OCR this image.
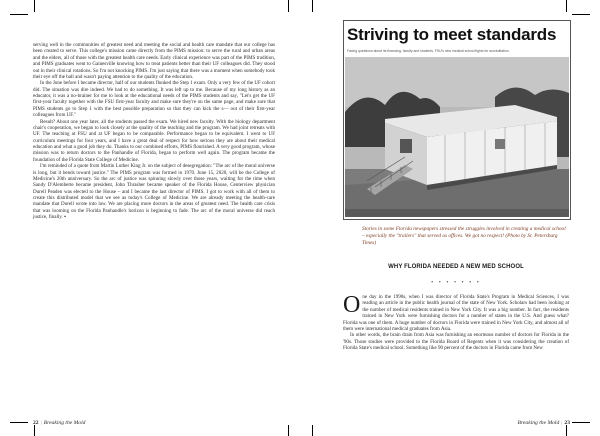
serving well in the communities of greatest need and meeting the social and health care mandate that our college has been created to serve. This college's mission came directly from the PIMS mission: to serve the rural and urban areas and the elders, all of those with the greatest health care needs. Early clinical experience was part of the PIMS tradition, and PIMS graduates went to Gainesville knowing how to treat patients better than their UF colleagues did. They stood out in their clinical rotations. So I'm not knocking PIMS. I'm just saying that there was a moment when somebody took their eye off the ball and wasn't paying attention to the quality of the education.

In the June before I became director, half of our students flunked the Step 1 exam. Only a very few of the UF cohort did. The situation was dire indeed. We had to do something. It was left up to me. Because of my long history as an educator, it was a no-brainer for me to look at the educational needs of the PIMS students and say, "Let's get the UF first-year faculty together with the FSU first-year faculty and make sure they're on the same page, and make sure that PIMS students go to Step 1 with the best possible preparation so that they can kick the s— out of their first-year colleagues from UF."

Result? About one year later, all the students passed the exam. We hired new faculty. With the biology department chair's cooperation, we began to look closely at the quality of the teaching and the program. We had joint retreats with UF. The teaching at FSU and at UF began to be comparable. Performance began to be equivalent. I went to UF curriculum meetings for four years, and I have a great deal of respect for how serious they are about their medical education and what a good job they do. Thanks to our combined efforts, PIMS flourished. A very good program, whose mission was to return doctors to the Panhandle of Florida, began to perform well again. The program became the foundation of the Florida State College of Medicine.

I'm reminded of a quote from Martin Luther King Jr. on the subject of desegregation: "The arc of the moral universe is long, but it bends toward justice." The PIMS program was formed in 1970. June 15, 2020, will be the College of Medicine's 20th anniversary. So the arc of justice was spinning slowly over those years, waiting for the time when Sandy D'Alemberte became president, John Thrasher became speaker of the Florida House, Centerview physician Durell Peaden was elected to the House – and I became the last director of PIMS. I got to work with all of them to create this distributed model that we see as today's College of Medicine. We are already meeting the health-care mandate that Durell wrote into law. We are placing more doctors in the areas of greatest need. The health care crisis that was looming on the Florida Panhandle's horizon is beginning to fade. The arc of the moral universe did reach justice, finally. ▪

22 | Breaking the Mold
Striving to meet standards
Facing questions about its financing, faculty and students, FSU's new medical school fights for accreditation.
Stories in some Florida newspapers stressed the struggles involved in creating a medical school – especially the "trailers" that served as offices. We got no respect! (Photo by St. Petersburg Times)
WHY FLORIDA NEEDED A NEW MED SCHOOL
• • • • • • •

One day in the 1990s, when I was director of Florida State's Program in Medical Sciences, I was reading an article in the public health journal of the state of New York. Scholars had been looking at the number of medical residents trained in New York City. It was a big number. In fact, the residents trained in New York were furnishing doctors for a number of states in the U.S. And guess what? Florida was one of them. A huge number of doctors in Florida were trained in New York City, and almost all of them were international medical graduates from Asia.

In other words, the brain drain from Asia was furnishing an enormous number of doctors for Florida in the '90s. Those studies were provided to the Florida Board of Regents when it was considering the creation of Florida State's medical school. Something like 90 percent of the doctors in Florida came from New

Breaking the Mold | 23
